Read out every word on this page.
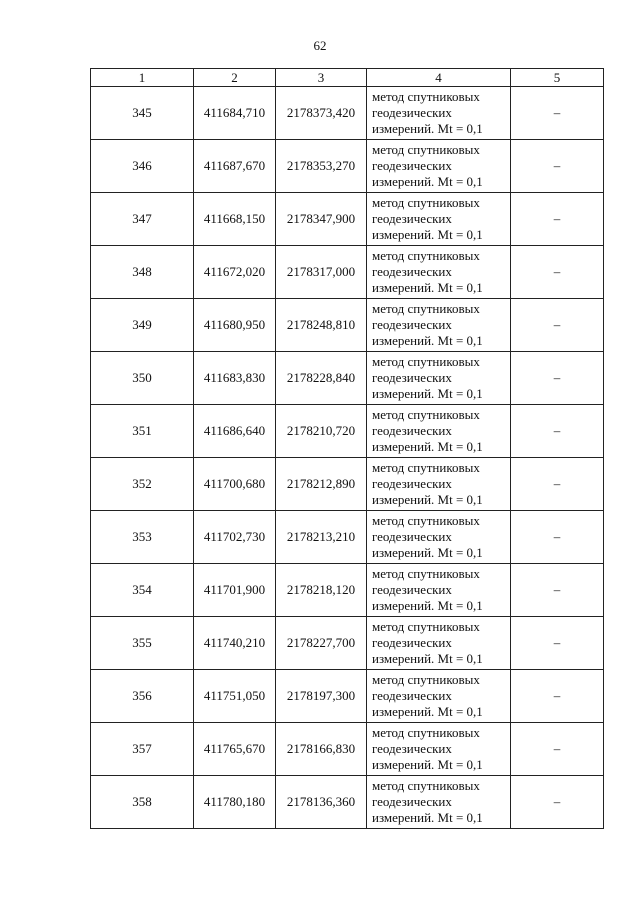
62
1	2	3	4	5
345	411684,710	2178373,420	метод спутниковых
геодезических
измерений. Mt = 0,1	–
346	411687,670	2178353,270	метод спутниковых
геодезических
измерений. Mt = 0,1	–
347	411668,150	2178347,900	метод спутниковых
геодезических
измерений. Mt = 0,1	–
348	411672,020	2178317,000	метод спутниковых
геодезических
измерений. Mt = 0,1	–
349	411680,950	2178248,810	метод спутниковых
геодезических
измерений. Mt = 0,1	–
350	411683,830	2178228,840	метод спутниковых
геодезических
измерений. Mt = 0,1	–
351	411686,640	2178210,720	метод спутниковых
геодезических
измерений. Mt = 0,1	–
352	411700,680	2178212,890	метод спутниковых
геодезических
измерений. Mt = 0,1	–
353	411702,730	2178213,210	метод спутниковых
геодезических
измерений. Mt = 0,1	–
354	411701,900	2178218,120	метод спутниковых
геодезических
измерений. Mt = 0,1	–
355	411740,210	2178227,700	метод спутниковых
геодезических
измерений. Mt = 0,1	–
356	411751,050	2178197,300	метод спутниковых
геодезических
измерений. Mt = 0,1	–
357	411765,670	2178166,830	метод спутниковых
геодезических
измерений. Mt = 0,1	–
358	411780,180	2178136,360	метод спутниковых
геодезических
измерений. Mt = 0,1	–
